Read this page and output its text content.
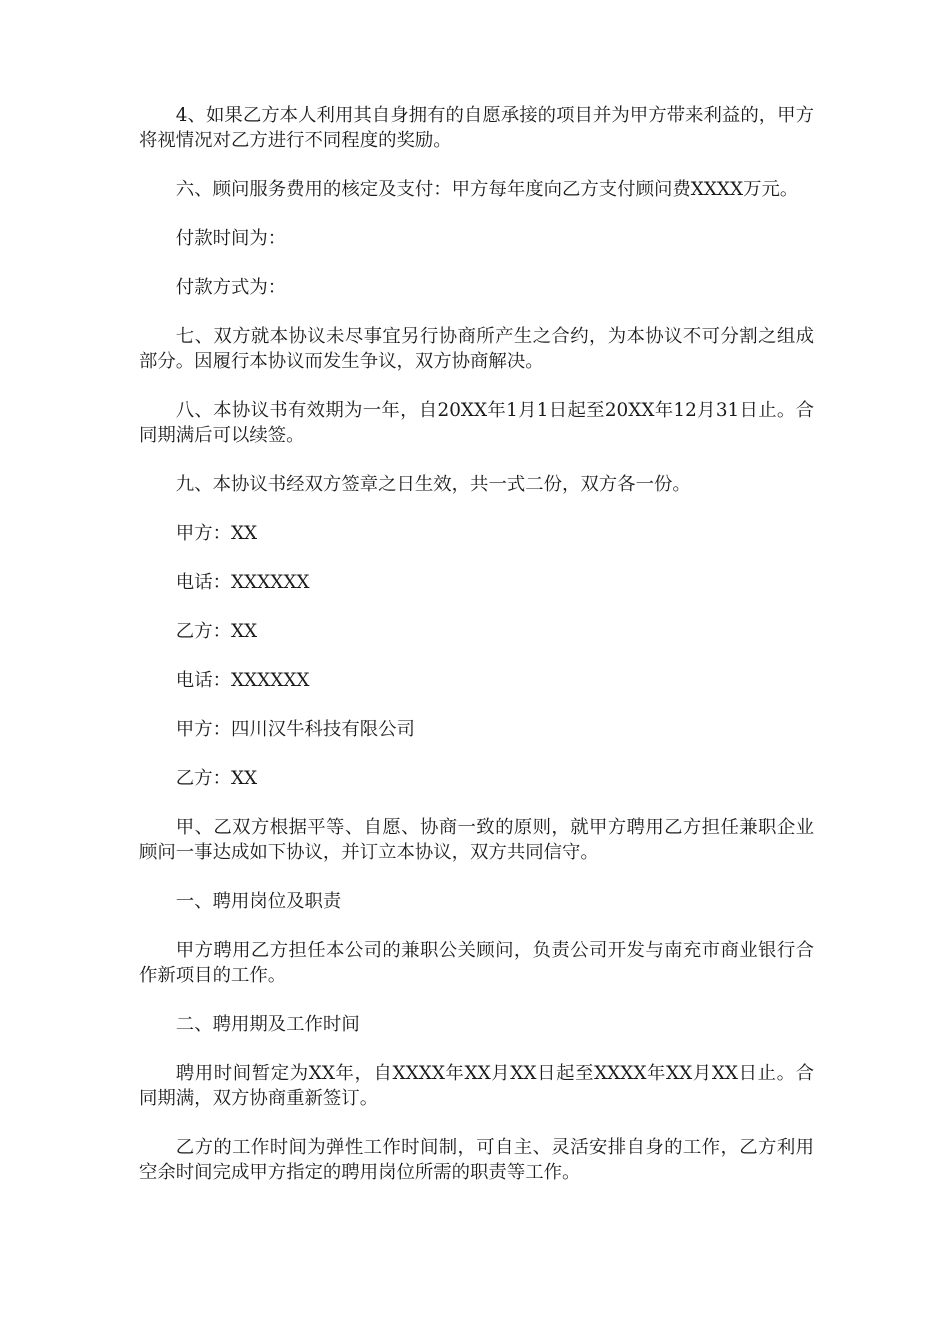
4、如果乙方本人利用其自身拥有的自愿承接的项目并为甲方带来利益的，甲方将视情况对乙方进行不同程度的奖励。

六、顾问服务费用的核定及支付：甲方每年度向乙方支付顾问费XXXX万元。

付款时间为：

付款方式为：

七、双方就本协议未尽事宜另行协商所产生之合约，为本协议不可分割之组成部分。因履行本协议而发生争议，双方协商解决。

八、本协议书有效期为一年，自20XX年1月1日起至20XX年12月31日止。合同期满后可以续签。

九、本协议书经双方签章之日生效，共一式二份，双方各一份。

甲方：XX

电话：XXXXXX

乙方：XX

电话：XXXXXX

甲方：四川汉牛科技有限公司

乙方：XX

甲、乙双方根据平等、自愿、协商一致的原则，就甲方聘用乙方担任兼职企业顾问一事达成如下协议，并订立本协议，双方共同信守。

一、聘用岗位及职责

甲方聘用乙方担任本公司的兼职公关顾问，负责公司开发与南充市商业银行合作新项目的工作。

二、聘用期及工作时间

聘用时间暂定为XX年，自XXXX年XX月XX日起至XXXX年XX月XX日止。合同期满，双方协商重新签订。

乙方的工作时间为弹性工作时间制，可自主、灵活安排自身的工作，乙方利用空余时间完成甲方指定的聘用岗位所需的职责等工作。
